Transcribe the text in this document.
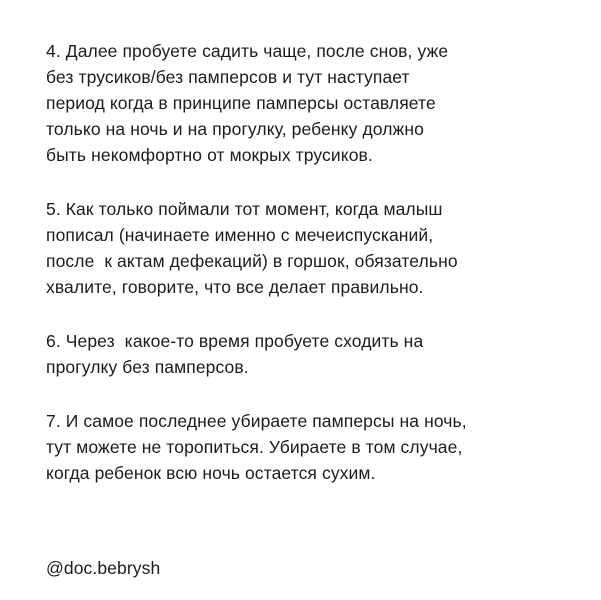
4. Далее пробуете садить чаще, после снов, уже
без трусиков/без памперсов и тут наступает
период когда в принципе памперсы оставляете
только на ночь и на прогулку, ребенку должно
быть некомфортно от мокрых трусиков.
5. Как только поймали тот момент, когда малыш
пописал (начинаете именно с мечеиспусканий,
после  к актам дефекаций) в горшок, обязательно
хвалите, говорите, что все делает правильно.
6. Через  какое-то время пробуете сходить на
прогулку без памперсов.
7. И самое последнее убираете памперсы на ночь,
тут можете не торопиться. Убираете в том случае,
когда ребенок всю ночь остается сухим.
@doc.bebrysh
